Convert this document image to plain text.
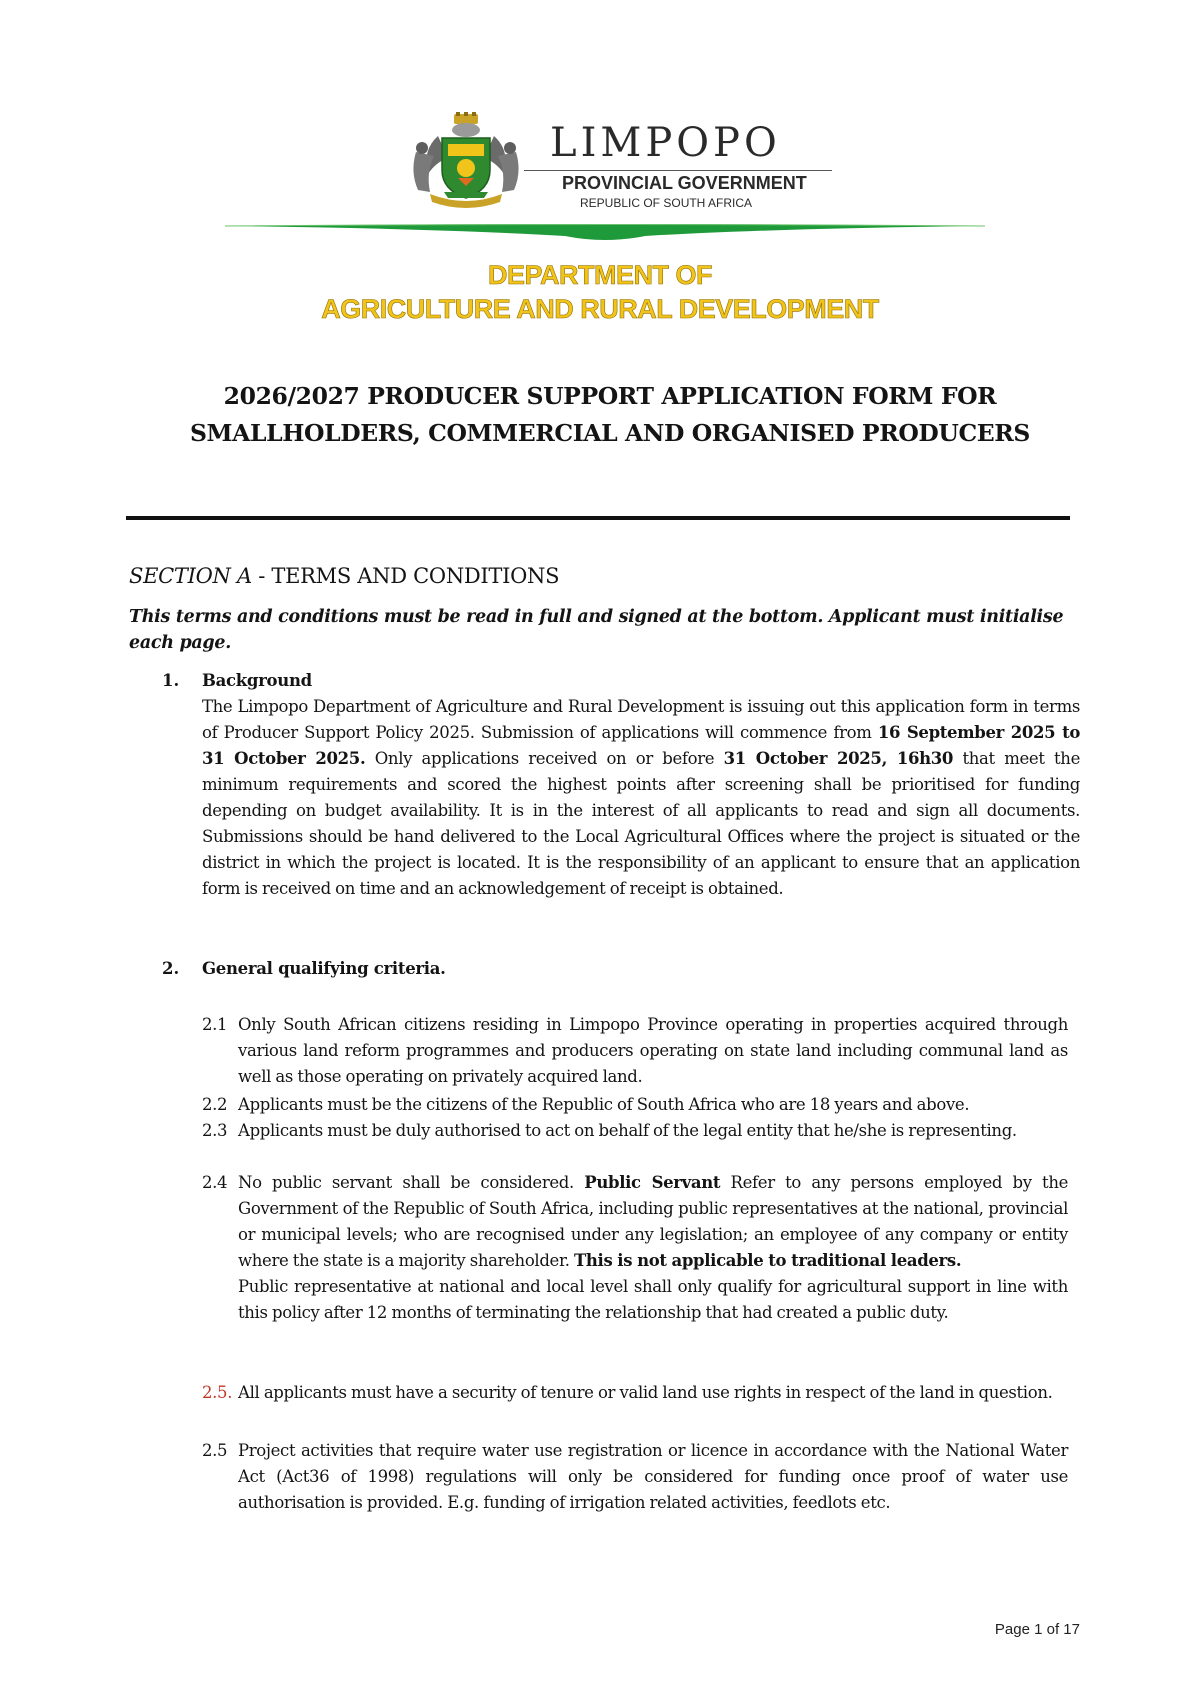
LIMPOPO
PROVINCIAL GOVERNMENT
REPUBLIC OF SOUTH AFRICA
DEPARTMENT OF
AGRICULTURE AND RURAL DEVELOPMENT
2026/2027 PRODUCER SUPPORT APPLICATION FORM FOR SMALLHOLDERS, COMMERCIAL AND ORGANISED PRODUCERS
SECTION A - TERMS AND CONDITIONS
This terms and conditions must be read in full and signed at the bottom. Applicant must initialise each page.
1. Background
The Limpopo Department of Agriculture and Rural Development is issuing out this application form in terms of Producer Support Policy 2025. Submission of applications will commence from 16 September 2025 to 31 October 2025. Only applications received on or before 31 October 2025, 16h30 that meet the minimum requirements and scored the highest points after screening shall be prioritised for funding depending on budget availability. It is in the interest of all applicants to read and sign all documents. Submissions should be hand delivered to the Local Agricultural Offices where the project is situated or the district in which the project is located. It is the responsibility of an applicant to ensure that an application form is received on time and an acknowledgement of receipt is obtained.
2. General qualifying criteria.
2.1 Only South African citizens residing in Limpopo Province operating in properties acquired through various land reform programmes and producers operating on state land including communal land as well as those operating on privately acquired land.
2.2 Applicants must be the citizens of the Republic of South Africa who are 18 years and above.
2.3 Applicants must be duly authorised to act on behalf of the legal entity that he/she is representing.
2.4 No public servant shall be considered. Public Servant Refer to any persons employed by the Government of the Republic of South Africa, including public representatives at the national, provincial or municipal levels; who are recognised under any legislation; an employee of any company or entity where the state is a majority shareholder. This is not applicable to traditional leaders.
Public representative at national and local level shall only qualify for agricultural support in line with this policy after 12 months of terminating the relationship that had created a public duty.
2.5. All applicants must have a security of tenure or valid land use rights in respect of the land in question.
2.5 Project activities that require water use registration or licence in accordance with the National Water Act (Act36 of 1998) regulations will only be considered for funding once proof of water use authorisation is provided. E.g. funding of irrigation related activities, feedlots etc.
Page 1 of 17
